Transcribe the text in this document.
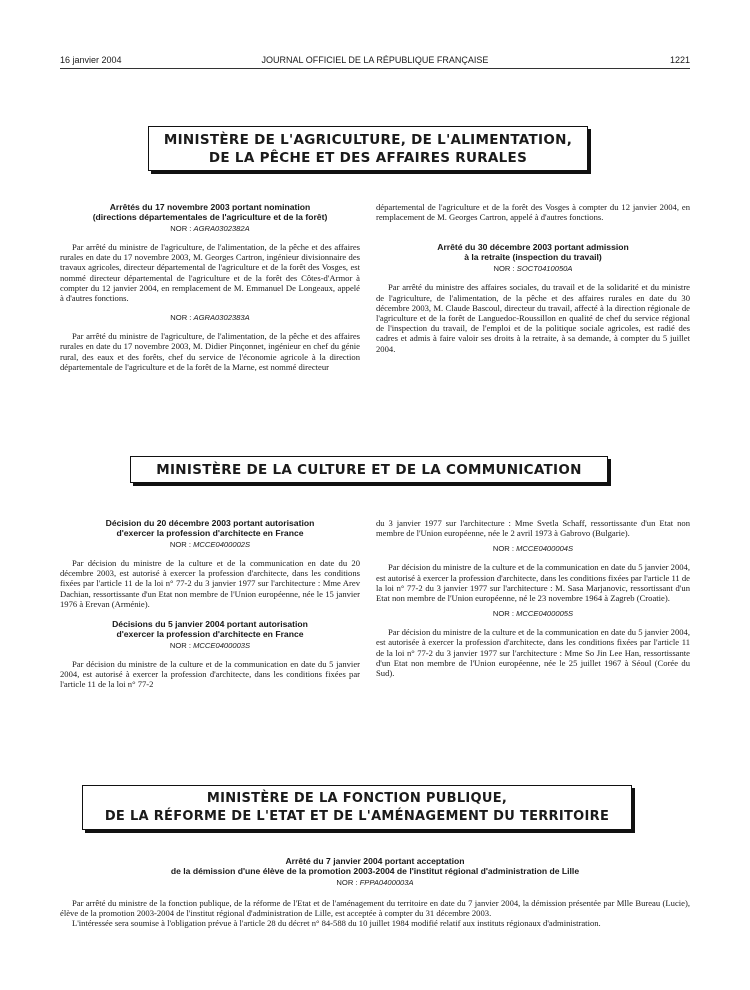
16 janvier 2004	JOURNAL OFFICIEL DE LA RÉPUBLIQUE FRANÇAISE	1221
MINISTÈRE DE L'AGRICULTURE, DE L'ALIMENTATION,
DE LA PÊCHE ET DES AFFAIRES RURALES
Arrêtés du 17 novembre 2003 portant nomination
(directions départementales de l'agriculture et de la forêt)
NOR : AGRA0302382A

Par arrêté du ministre de l'agriculture, de l'alimentation, de la pêche et des affaires rurales en date du 17 novembre 2003, M. Georges Cartron, ingénieur divisionnaire des travaux agricoles, directeur départemental de l'agriculture et de la forêt des Vosges, est nommé directeur départemental de l'agriculture et de la forêt des Côtes-d'Armor à compter du 12 janvier 2004, en remplacement de M. Emmanuel De Longeaux, appelé à d'autres fonctions.

NOR : AGRA0302383A

Par arrêté du ministre de l'agriculture, de l'alimentation, de la pêche et des affaires rurales en date du 17 novembre 2003, M. Didier Pinçonnet, ingénieur en chef du génie rural, des eaux et des forêts, chef du service de l'économie agricole à la direction départementale de l'agriculture et de la forêt de la Marne, est nommé directeur

départemental de l'agriculture et de la forêt des Vosges à compter du 12 janvier 2004, en remplacement de M. Georges Cartron, appelé à d'autres fonctions.

Arrêté du 30 décembre 2003 portant admission
à la retraite (inspection du travail)
NOR : SOCT0410050A

Par arrêté du ministre des affaires sociales, du travail et de la solidarité et du ministre de l'agriculture, de l'alimentation, de la pêche et des affaires rurales en date du 30 décembre 2003, M. Claude Bascoul, directeur du travail, affecté à la direction régionale de l'agriculture et de la forêt de Languedoc-Roussillon en qualité de chef du service régional de l'inspection du travail, de l'emploi et de la politique sociale agricoles, est radié des cadres et admis à faire valoir ses droits à la retraite, à sa demande, à compter du 5 juillet 2004.

MINISTÈRE DE LA CULTURE ET DE LA COMMUNICATION
Décision du 20 décembre 2003 portant autorisation
d'exercer la profession d'architecte en France
NOR : MCCE0400002S

Par décision du ministre de la culture et de la communication en date du 20 décembre 2003, est autorisé à exercer la profession d'architecte, dans les conditions fixées par l'article 11 de la loi n° 77-2 du 3 janvier 1977 sur l'architecture : Mme Arev Dachian, ressortissante d'un Etat non membre de l'Union européenne, née le 15 janvier 1976 à Erevan (Arménie).

Décisions du 5 janvier 2004 portant autorisation
d'exercer la profession d'architecte en France
NOR : MCCE0400003S

Par décision du ministre de la culture et de la communication en date du 5 janvier 2004, est autorisé à exercer la profession d'architecte, dans les conditions fixées par l'article 11 de la loi n° 77-2

du 3 janvier 1977 sur l'architecture : Mme Svetla Schaff, ressortissante d'un Etat non membre de l'Union européenne, née le 2 avril 1973 à Gabrovo (Bulgarie).

NOR : MCCE0400004S

Par décision du ministre de la culture et de la communication en date du 5 janvier 2004, est autorisé à exercer la profession d'architecte, dans les conditions fixées par l'article 11 de la loi n° 77-2 du 3 janvier 1977 sur l'architecture : M. Sasa Marjanovic, ressortissant d'un Etat non membre de l'Union européenne, né le 23 novembre 1964 à Zagreb (Croatie).

NOR : MCCE0400005S

Par décision du ministre de la culture et de la communication en date du 5 janvier 2004, est autorisée à exercer la profession d'architecte, dans les conditions fixées par l'article 11 de la loi n° 77-2 du 3 janvier 1977 sur l'architecture : Mme So Jin Lee Han, ressortissante d'un Etat non membre de l'Union européenne, née le 25 juillet 1967 à Séoul (Corée du Sud).

MINISTÈRE DE LA FONCTION PUBLIQUE,
DE LA RÉFORME DE L'ETAT ET DE L'AMÉNAGEMENT DU TERRITOIRE
Arrêté du 7 janvier 2004 portant acceptation
de la démission d'une élève de la promotion 2003-2004 de l'institut régional d'administration de Lille
NOR : FPPA0400003A

Par arrêté du ministre de la fonction publique, de la réforme de l'Etat et de l'aménagement du territoire en date du 7 janvier 2004, la démission présentée par Mlle Bureau (Lucie), élève de la promotion 2003-2004 de l'institut régional d'administration de Lille, est acceptée à compter du 31 décembre 2003.

L'intéressée sera soumise à l'obligation prévue à l'article 28 du décret n° 84-588 du 10 juillet 1984 modifié relatif aux instituts régionaux d'administration.
